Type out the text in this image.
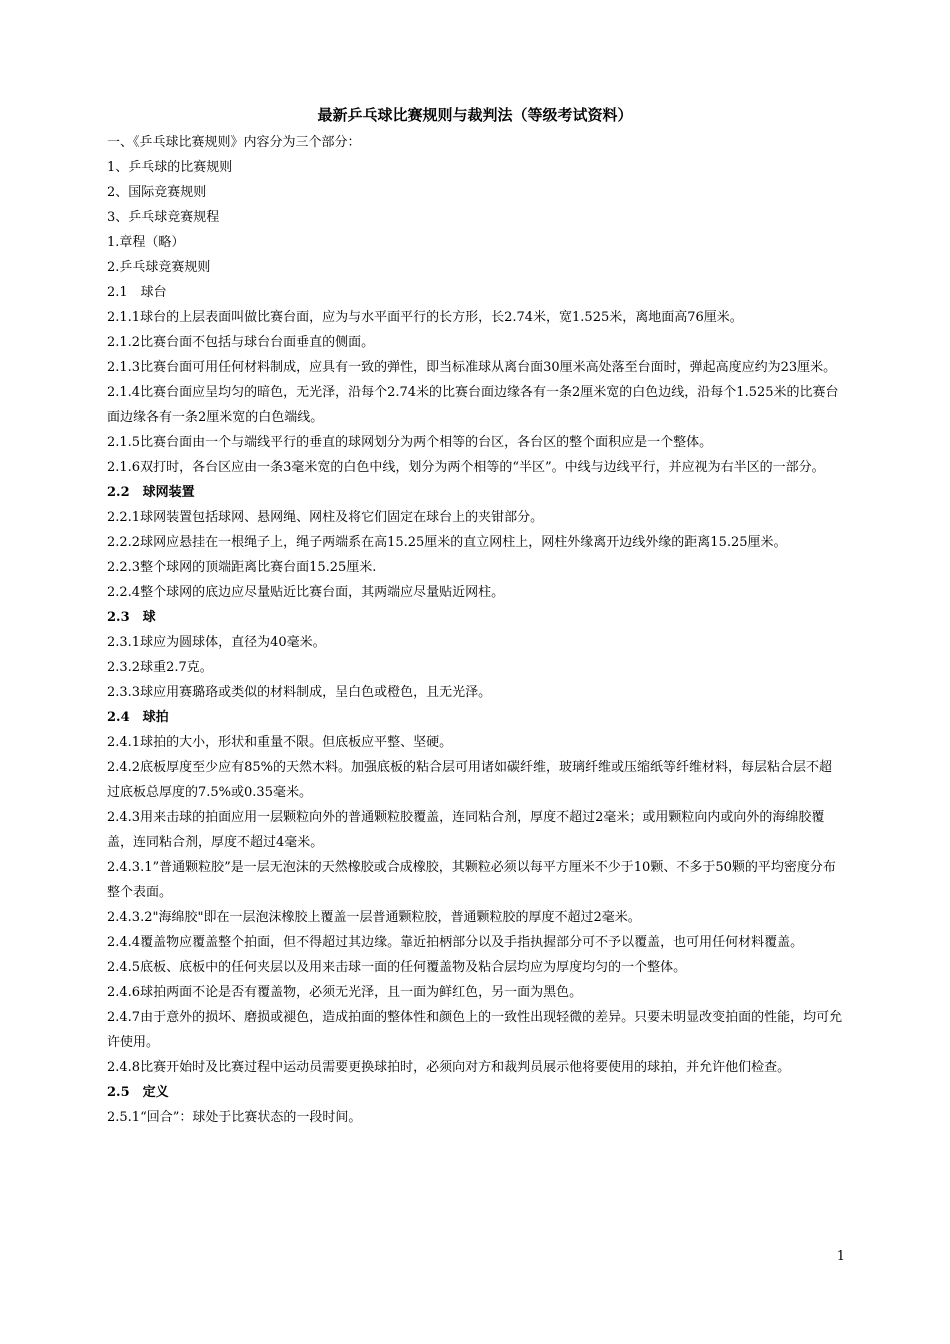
最新乒乓球比赛规则与裁判法（等级考试资料）

一、《乒乓球比赛规则》内容分为三个部分：

1、乒乓球的比赛规则

2、国际竞赛规则

3、乒乓球竞赛规程

1.章程（略）

2.乒乓球竞赛规则

2.1　球台

2.1.1球台的上层表面叫做比赛台面，应为与水平面平行的长方形，长2.74米，宽1.525米，离地面高76厘米。

2.1.2比赛台面不包括与球台台面垂直的侧面。

2.1.3比赛台面可用任何材料制成，应具有一致的弹性，即当标准球从离台面30厘米高处落至台面时，弹起高度应约为23厘米。

2.1.4比赛台面应呈均匀的暗色，无光泽，沿每个2.74米的比赛台面边缘各有一条2厘米宽的白色边线，沿每个1.525米的比赛台面边缘各有一条2厘米宽的白色端线。

2.1.5比赛台面由一个与端线平行的垂直的球网划分为两个相等的台区，各台区的整个面积应是一个整体。

2.1.6双打时，各台区应由一条3毫米宽的白色中线，划分为两个相等的“半区”。中线与边线平行，并应视为右半区的一部分。

2.2　球网装置

2.2.1球网装置包括球网、悬网绳、网柱及将它们固定在球台上的夹钳部分。

2.2.2球网应悬挂在一根绳子上，绳子两端系在高15.25厘米的直立网柱上，网柱外缘离开边线外缘的距离15.25厘米。

2.2.3整个球网的顶端距离比赛台面15.25厘米.

2.2.4整个球网的底边应尽量贴近比赛台面，其两端应尽量贴近网柱。

2.3　球

2.3.1球应为圆球体，直径为40毫米。

2.3.2球重2.7克。

2.3.3球应用赛璐珞或类似的材料制成，呈白色或橙色，且无光泽。

2.4　球拍

2.4.1球拍的大小，形状和重量不限。但底板应平整、坚硬。

2.4.2底板厚度至少应有85%的天然木料。加强底板的粘合层可用诸如碳纤维，玻璃纤维或压缩纸等纤维材料，每层粘合层不超过底板总厚度的7.5%或0.35毫米。

2.4.3用来击球的拍面应用一层颗粒向外的普通颗粒胶覆盖，连同粘合剂，厚度不超过2毫米；或用颗粒向内或向外的海绵胶覆盖，连同粘合剂，厚度不超过4毫米。

2.4.3.1”普通颗粒胶”是一层无泡沫的天然橡胶或合成橡胶，其颗粒必须以每平方厘米不少于10颗、不多于50颗的平均密度分布整个表面。

2.4.3.2"海绵胶"即在一层泡沫橡胶上覆盖一层普通颗粒胶，普通颗粒胶的厚度不超过2毫米。

2.4.4覆盖物应覆盖整个拍面，但不得超过其边缘。靠近拍柄部分以及手指执握部分可不予以覆盖，也可用任何材料覆盖。

2.4.5底板、底板中的任何夹层以及用来击球一面的任何覆盖物及粘合层均应为厚度均匀的一个整体。

2.4.6球拍两面不论是否有覆盖物，必须无光泽，且一面为鲜红色，另一面为黑色。

2.4.7由于意外的损坏、磨损或褪色，造成拍面的整体性和颜色上的一致性出现轻微的差异。只要未明显改变拍面的性能，均可允许使用。

2.4.8比赛开始时及比赛过程中运动员需要更换球拍时，必须向对方和裁判员展示他将要使用的球拍，并允许他们检查。

2.5　定义

2.5.1“回合”：球处于比赛状态的一段时间。

1
